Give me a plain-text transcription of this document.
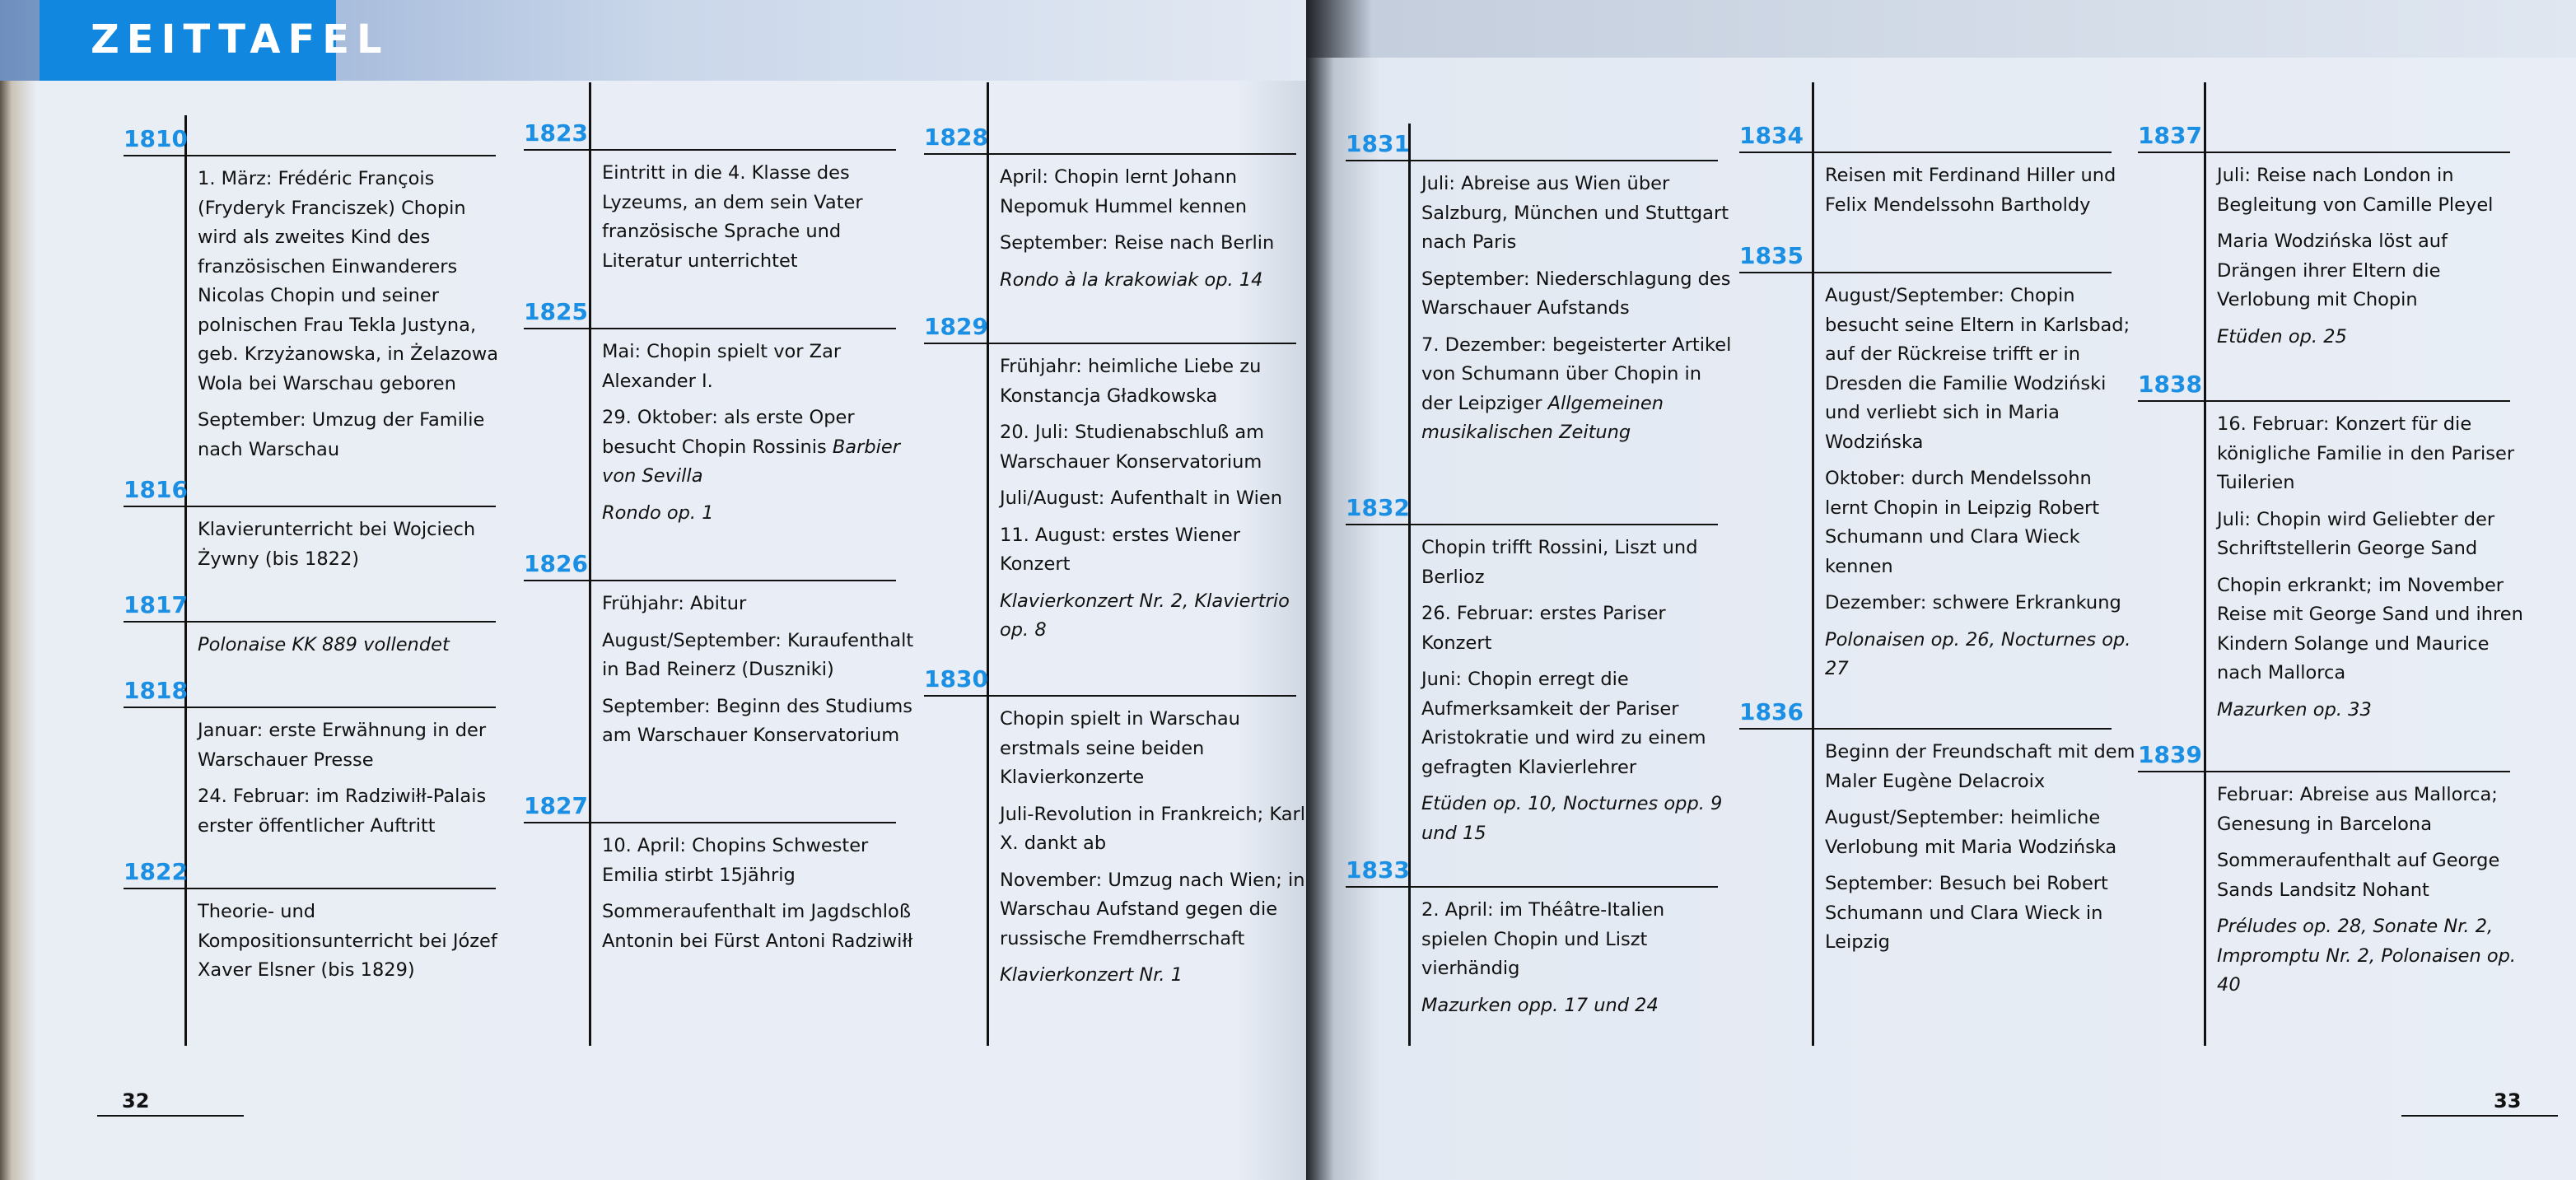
ZEITTAFEL
1810

1. März: Frédéric François (Fryderyk Franciszek) Chopin wird als zweites Kind des französischen Einwanderers Nicolas Chopin und seiner polnischen Frau Tekla Justyna, geb. Krzyżanowska, in Żelazowa Wola bei Warschau geboren

September: Umzug der Familie nach Warschau

1816

Klavierunterricht bei Wojciech Żywny (bis 1822)

1817

Polonaise KK 889 vollendet

1818

Januar: erste Erwähnung in der Warschauer Presse

24. Februar: im Radziwiłł-Palais erster öffentlicher Auftritt

1822

Theorie- und Kompositionsunterricht bei Józef Xaver Elsner (bis 1829)

1823

Eintritt in die 4. Klasse des Lyzeums, an dem sein Vater französische Sprache und Literatur unterrichtet

1825

Mai: Chopin spielt vor Zar Alexander I.

29. Oktober: als erste Oper besucht Chopin Rossinis Barbier von Sevilla

Rondo op. 1

1826

Frühjahr: Abitur

August/September: Kuraufenthalt in Bad Reinerz (Duszniki)

September: Beginn des Studiums am Warschauer Konservatorium

1827

10. April: Chopins Schwester Emilia stirbt 15jährig

Sommeraufenthalt im Jagdschloß Antonin bei Fürst Antoni Radziwiłł

1828

April: Chopin lernt Johann Nepomuk Hummel kennen

September: Reise nach Berlin

Rondo à la krakowiak op. 14

1829

Frühjahr: heimliche Liebe zu Konstancja Gładkowska

20. Juli: Studienabschluß am Warschauer Konservatorium

Juli/August: Aufenthalt in Wien

11. August: erstes Wiener Konzert

Klavierkonzert Nr. 2, Klaviertrio op. 8

1830

Chopin spielt in Warschau erstmals seine beiden Klavierkonzerte

Juli-Revolution in Frankreich; Karl X. dankt ab

November: Umzug nach Wien; in Warschau Aufstand gegen die russische Fremdherrschaft

Klavierkonzert Nr. 1

32
1831

Juli: Abreise aus Wien über Salzburg, München und Stuttgart nach Paris

September: Niederschlagung des Warschauer Aufstands

7. Dezember: begeisterter Artikel von Schumann über Chopin in der Leipziger Allgemeinen musikalischen Zeitung

1832

Chopin trifft Rossini, Liszt und Berlioz

26. Februar: erstes Pariser Konzert

Juni: Chopin erregt die Aufmerksamkeit der Pariser Aristokratie und wird zu einem gefragten Klavierlehrer

Etüden op. 10, Nocturnes opp. 9 und 15

1833

2. April: im Théâtre-Italien spielen Chopin und Liszt vierhändig

Mazurken opp. 17 und 24

1834

Reisen mit Ferdinand Hiller und Felix Mendelssohn Bartholdy

1835

August/September: Chopin besucht seine Eltern in Karlsbad; auf der Rückreise trifft er in Dresden die Familie Wodziński und verliebt sich in Maria Wodzińska

Oktober: durch Mendelssohn lernt Chopin in Leipzig Robert Schumann und Clara Wieck kennen

Dezember: schwere Erkrankung

Polonaisen op. 26, Nocturnes op. 27

1836

Beginn der Freundschaft mit dem Maler Eugène Delacroix

August/September: heimliche Verlobung mit Maria Wodzińska

September: Besuch bei Robert Schumann und Clara Wieck in Leipzig

1837

Juli: Reise nach London in Begleitung von Camille Pleyel

Maria Wodzińska löst auf Drängen ihrer Eltern die Verlobung mit Chopin

Etüden op. 25

1838

16. Februar: Konzert für die königliche Familie in den Pariser Tuilerien

Juli: Chopin wird Geliebter der Schriftstellerin George Sand

Chopin erkrankt; im November Reise mit George Sand und ihren Kindern Solange und Maurice nach Mallorca

Mazurken op. 33

1839

Februar: Abreise aus Mallorca; Genesung in Barcelona

Sommeraufenthalt auf George Sands Landsitz Nohant

Préludes op. 28, Sonate Nr. 2, Impromptu Nr. 2, Polonaisen op. 40

33
